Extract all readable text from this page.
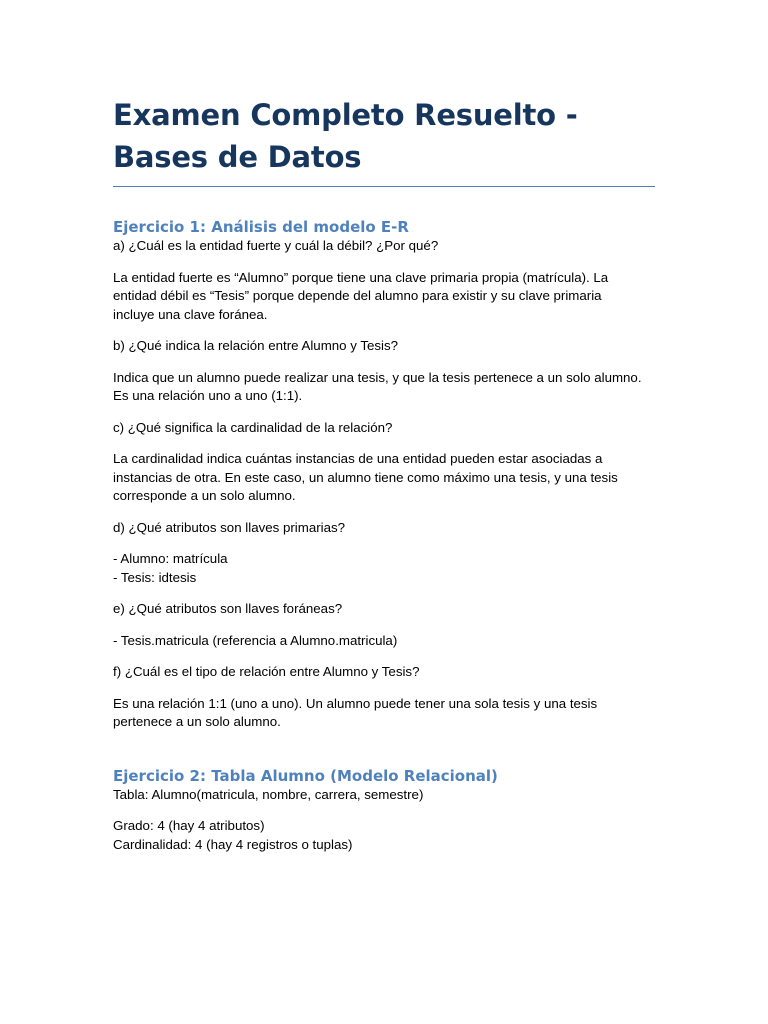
Examen Completo Resuelto - Bases de Datos
Ejercicio 1: Análisis del modelo E-R

a) ¿Cuál es la entidad fuerte y cuál la débil? ¿Por qué?

La entidad fuerte es “Alumno” porque tiene una clave primaria propia (matrícula). La entidad débil es “Tesis” porque depende del alumno para existir y su clave primaria incluye una clave foránea.

b) ¿Qué indica la relación entre Alumno y Tesis?

Indica que un alumno puede realizar una tesis, y que la tesis pertenece a un solo alumno. Es una relación uno a uno (1:1).

c) ¿Qué significa la cardinalidad de la relación?

La cardinalidad indica cuántas instancias de una entidad pueden estar asociadas a instancias de otra. En este caso, un alumno tiene como máximo una tesis, y una tesis corresponde a un solo alumno.

d) ¿Qué atributos son llaves primarias?

- Alumno: matrícula
- Tesis: idtesis

e) ¿Qué atributos son llaves foráneas?

- Tesis.matricula (referencia a Alumno.matricula)

f) ¿Cuál es el tipo de relación entre Alumno y Tesis?

Es una relación 1:1 (uno a uno). Un alumno puede tener una sola tesis y una tesis pertenece a un solo alumno.

Ejercicio 2: Tabla Alumno (Modelo Relacional)

Tabla: Alumno(matricula, nombre, carrera, semestre)

Grado: 4 (hay 4 atributos)
Cardinalidad: 4 (hay 4 registros o tuplas)
